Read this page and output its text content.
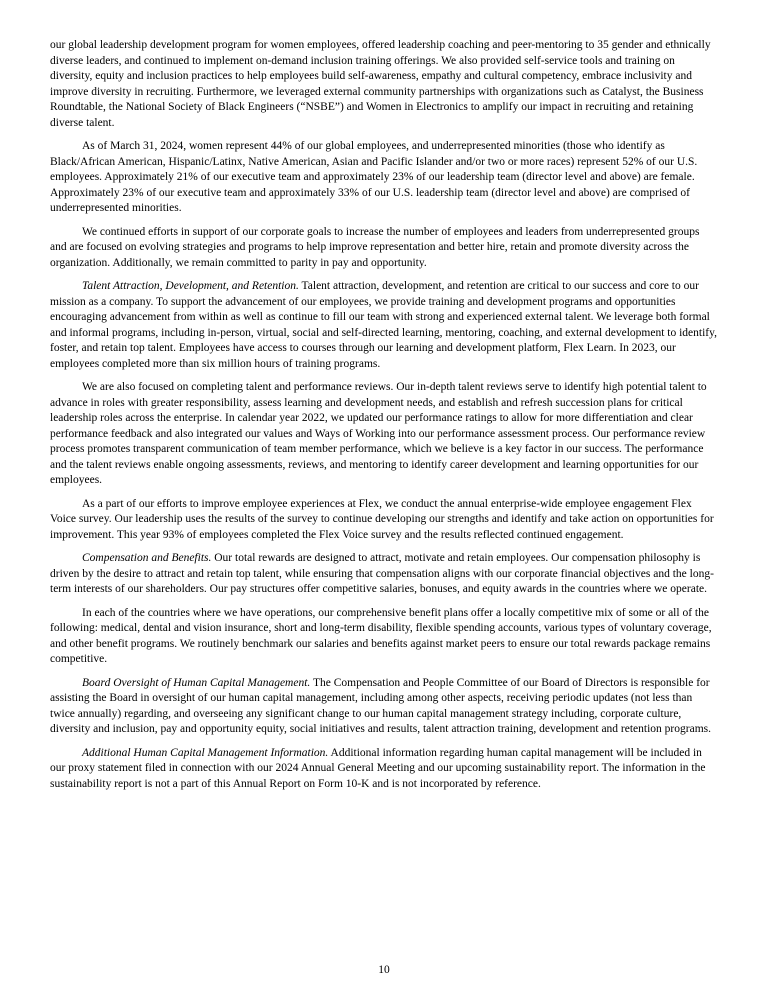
our global leadership development program for women employees, offered leadership coaching and peer-mentoring to 35 gender and ethnically diverse leaders, and continued to implement on-demand inclusion training offerings. We also provided self-service tools and training on diversity, equity and inclusion practices to help employees build self-awareness, empathy and cultural competency, embrace inclusivity and improve diversity in recruiting. Furthermore, we leveraged external community partnerships with organizations such as Catalyst, the Business Roundtable, the National Society of Black Engineers (“NSBE”) and Women in Electronics to amplify our impact in recruiting and retaining diverse talent.

As of March 31, 2024, women represent 44% of our global employees, and underrepresented minorities (those who identify as Black/African American, Hispanic/Latinx, Native American, Asian and Pacific Islander and/or two or more races) represent 52% of our U.S. employees. Approximately 21% of our executive team and approximately 23% of our leadership team (director level and above) are female. Approximately 23% of our executive team and approximately 33% of our U.S. leadership team (director level and above) are comprised of underrepresented minorities.

We continued efforts in support of our corporate goals to increase the number of employees and leaders from underrepresented groups and are focused on evolving strategies and programs to help improve representation and better hire, retain and promote diversity across the organization. Additionally, we remain committed to parity in pay and opportunity.

Talent Attraction, Development, and Retention. Talent attraction, development, and retention are critical to our success and core to our mission as a company. To support the advancement of our employees, we provide training and development programs and opportunities encouraging advancement from within as well as continue to fill our team with strong and experienced external talent. We leverage both formal and informal programs, including in-person, virtual, social and self-directed learning, mentoring, coaching, and external development to identify, foster, and retain top talent. Employees have access to courses through our learning and development platform, Flex Learn. In 2023, our employees completed more than six million hours of training programs.

We are also focused on completing talent and performance reviews. Our in-depth talent reviews serve to identify high potential talent to advance in roles with greater responsibility, assess learning and development needs, and establish and refresh succession plans for critical leadership roles across the enterprise. In calendar year 2022, we updated our performance ratings to allow for more differentiation and clear performance feedback and also integrated our values and Ways of Working into our performance assessment process. Our performance review process promotes transparent communication of team member performance, which we believe is a key factor in our success. The performance and the talent reviews enable ongoing assessments, reviews, and mentoring to identify career development and learning opportunities for our employees.

As a part of our efforts to improve employee experiences at Flex, we conduct the annual enterprise-wide employee engagement Flex Voice survey. Our leadership uses the results of the survey to continue developing our strengths and identify and take action on opportunities for improvement. This year 93% of employees completed the Flex Voice survey and the results reflected continued engagement.

Compensation and Benefits. Our total rewards are designed to attract, motivate and retain employees. Our compensation philosophy is driven by the desire to attract and retain top talent, while ensuring that compensation aligns with our corporate financial objectives and the long-term interests of our shareholders. Our pay structures offer competitive salaries, bonuses, and equity awards in the countries where we operate.

In each of the countries where we have operations, our comprehensive benefit plans offer a locally competitive mix of some or all of the following: medical, dental and vision insurance, short and long-term disability, flexible spending accounts, various types of voluntary coverage, and other benefit programs. We routinely benchmark our salaries and benefits against market peers to ensure our total rewards package remains competitive.

Board Oversight of Human Capital Management. The Compensation and People Committee of our Board of Directors is responsible for assisting the Board in oversight of our human capital management, including among other aspects, receiving periodic updates (not less than twice annually) regarding, and overseeing any significant change to our human capital management strategy including, corporate culture, diversity and inclusion, pay and opportunity equity, social initiatives and results, talent attraction training, development and retention programs.

Additional Human Capital Management Information. Additional information regarding human capital management will be included in our proxy statement filed in connection with our 2024 Annual General Meeting and our upcoming sustainability report. The information in the sustainability report is not a part of this Annual Report on Form 10-K and is not incorporated by reference.

10
